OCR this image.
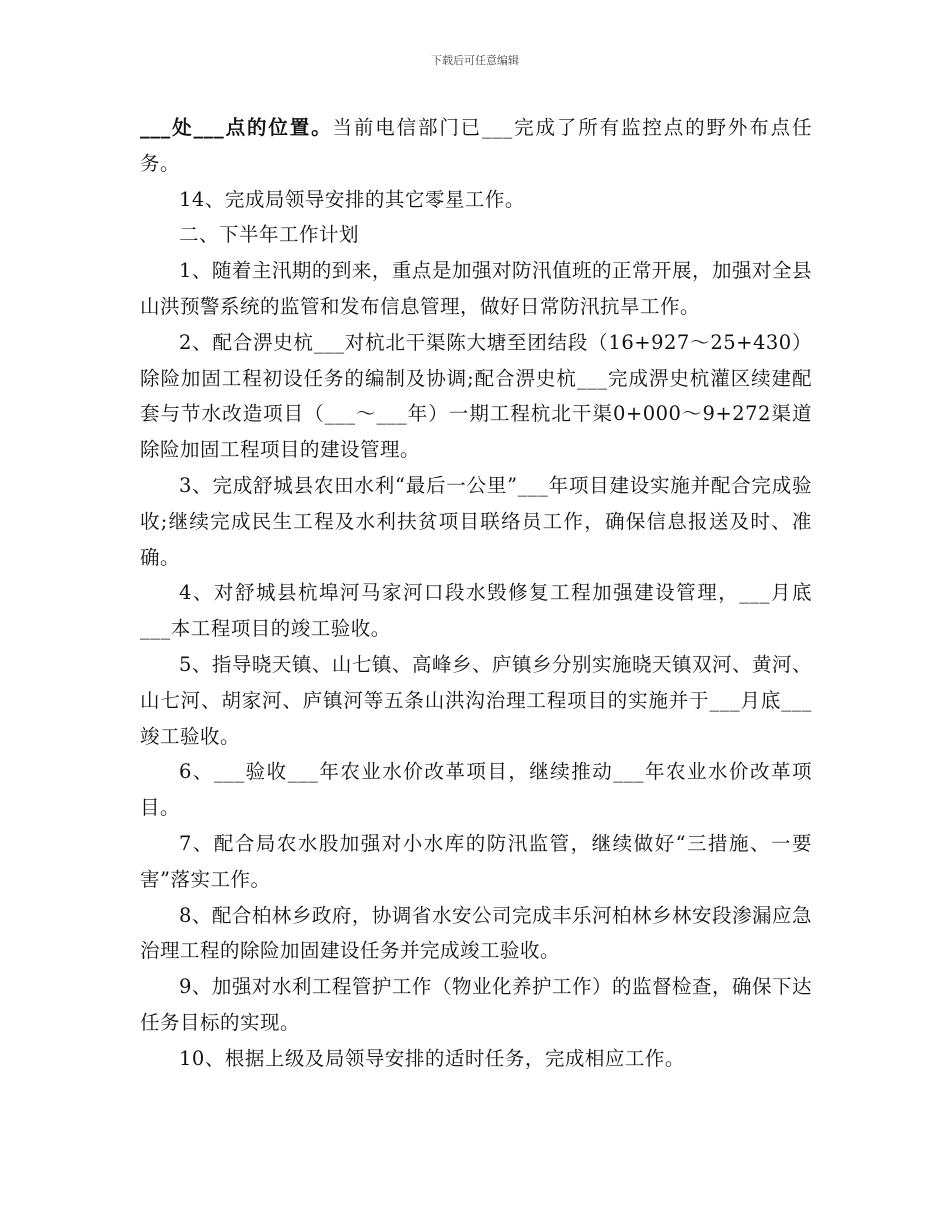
下载后可任意编辑

___处___点的位置。当前电信部门已___完成了所有监控点的野外布点任务。

14、完成局领导安排的其它零星工作。

二、下半年工作计划

1、随着主汛期的到来，重点是加强对防汛值班的正常开展，加强对全县山洪预警系统的监管和发布信息管理，做好日常防汛抗旱工作。

2、配合淠史杭___对杭北干渠陈大塘至团结段（16+927～25+430）除险加固工程初设任务的编制及协调;配合淠史杭___完成淠史杭灌区续建配套与节水改造项目（___～___年）一期工程杭北干渠0+000～9+272渠道除险加固工程项目的建设管理。

3、完成舒城县农田水利“最后一公里”___年项目建设实施并配合完成验收;继续完成民生工程及水利扶贫项目联络员工作，确保信息报送及时、准确。

4、对舒城县杭埠河马家河口段水毁修复工程加强建设管理，___月底___本工程项目的竣工验收。

5、指导晓天镇、山七镇、高峰乡、庐镇乡分别实施晓天镇双河、黄河、山七河、胡家河、庐镇河等五条山洪沟治理工程项目的实施并于___月底___竣工验收。

6、___验收___年农业水价改革项目，继续推动___年农业水价改革项目。

7、配合局农水股加强对小水库的防汛监管，继续做好“三措施、一要害”落实工作。

8、配合柏林乡政府，协调省水安公司完成丰乐河柏林乡林安段渗漏应急治理工程的除险加固建设任务并完成竣工验收。

9、加强对水利工程管护工作（物业化养护工作）的监督检查，确保下达任务目标的实现。

10、根据上级及局领导安排的适时任务，完成相应工作。
